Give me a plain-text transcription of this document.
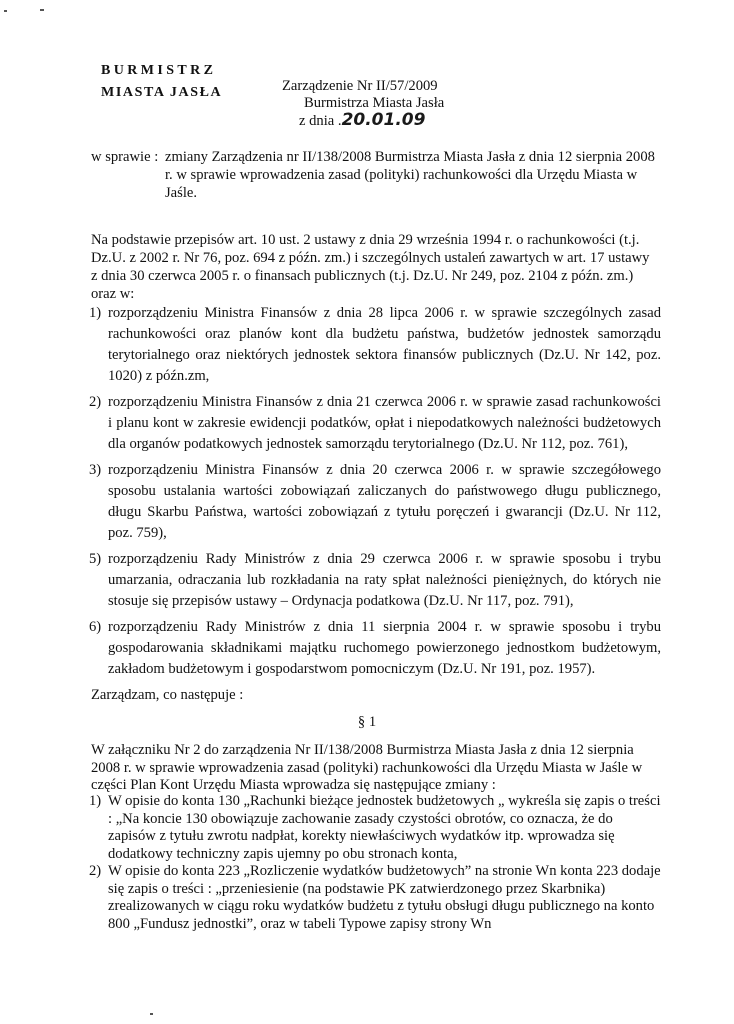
BURMISTRZ
MIASTA JASŁA	Zarządzenie Nr II/57/2009
Burmistrza Miasta Jasła
z dnia .20.01.09
w sprawie : zmiany Zarządzenia nr II/138/2008 Burmistrza Miasta Jasła z dnia 12 sierpnia 2008 r. w sprawie wprowadzenia zasad (polityki) rachunkowości dla Urzędu Miasta w Jaśle.
Na podstawie przepisów art. 10 ust. 2 ustawy z dnia 29 września 1994 r. o rachunkowości (t.j. Dz.U. z 2002 r. Nr 76, poz. 694 z późn. zm.) i szczególnych ustaleń zawartych w art. 17 ustawy z dnia 30 czerwca 2005 r. o finansach publicznych (t.j. Dz.U. Nr 249, poz. 2104 z późn. zm.) oraz w:
1) rozporządzeniu Ministra Finansów z dnia 28 lipca 2006 r. w sprawie szczególnych zasad rachunkowości oraz planów kont dla budżetu państwa, budżetów jednostek samorządu terytorialnego oraz niektórych jednostek sektora finansów publicznych (Dz.U. Nr 142, poz. 1020) z późn.zm,
2) rozporządzeniu Ministra Finansów z dnia 21 czerwca 2006 r. w sprawie zasad rachunkowości i planu kont w zakresie ewidencji podatków, opłat i niepodatkowych należności budżetowych dla organów podatkowych jednostek samorządu terytorialnego (Dz.U. Nr 112, poz. 761),
3) rozporządzeniu Ministra Finansów z dnia 20 czerwca 2006 r. w sprawie szczegółowego sposobu ustalania wartości zobowiązań zaliczanych do państwowego długu publicznego, długu Skarbu Państwa, wartości zobowiązań z tytułu poręczeń i gwarancji (Dz.U. Nr 112, poz. 759),
5) rozporządzeniu Rady Ministrów z dnia 29 czerwca 2006 r. w sprawie sposobu i trybu umarzania, odraczania lub rozkładania na raty spłat należności pieniężnych, do których nie stosuje się przepisów ustawy – Ordynacja podatkowa (Dz.U. Nr 117, poz. 791),
6) rozporządzeniu Rady Ministrów z dnia 11 sierpnia 2004 r. w sprawie sposobu i trybu gospodarowania składnikami majątku ruchomego powierzonego jednostkom budżetowym, zakładom budżetowym i gospodarstwom pomocniczym (Dz.U. Nr 191, poz. 1957).
Zarządzam, co następuje :
§ 1
W załączniku Nr 2 do zarządzenia Nr II/138/2008 Burmistrza Miasta Jasła z dnia 12 sierpnia 2008 r. w sprawie wprowadzenia zasad (polityki) rachunkowości dla Urzędu Miasta w Jaśle w części Plan Kont Urzędu Miasta wprowadza się następujące zmiany :
1) W opisie do konta 130 „Rachunki bieżące jednostek budżetowych „ wykreśla się zapis o treści : „Na koncie 130 obowiązuje zachowanie zasady czystości obrotów, co oznacza, że do zapisów z tytułu zwrotu nadpłat, korekty niewłaściwych wydatków itp. wprowadza się dodatkowy techniczny zapis ujemny po obu stronach konta,
2) W opisie do konta 223 „Rozliczenie wydatków budżetowych” na stronie Wn konta 223 dodaje się zapis o treści : „przeniesienie (na podstawie PK zatwierdzonego przez Skarbnika) zrealizowanych w ciągu roku wydatków budżetu z tytułu obsługi długu publicznego na konto 800 „Fundusz jednostki”, oraz w tabeli Typowe zapisy strony Wn
